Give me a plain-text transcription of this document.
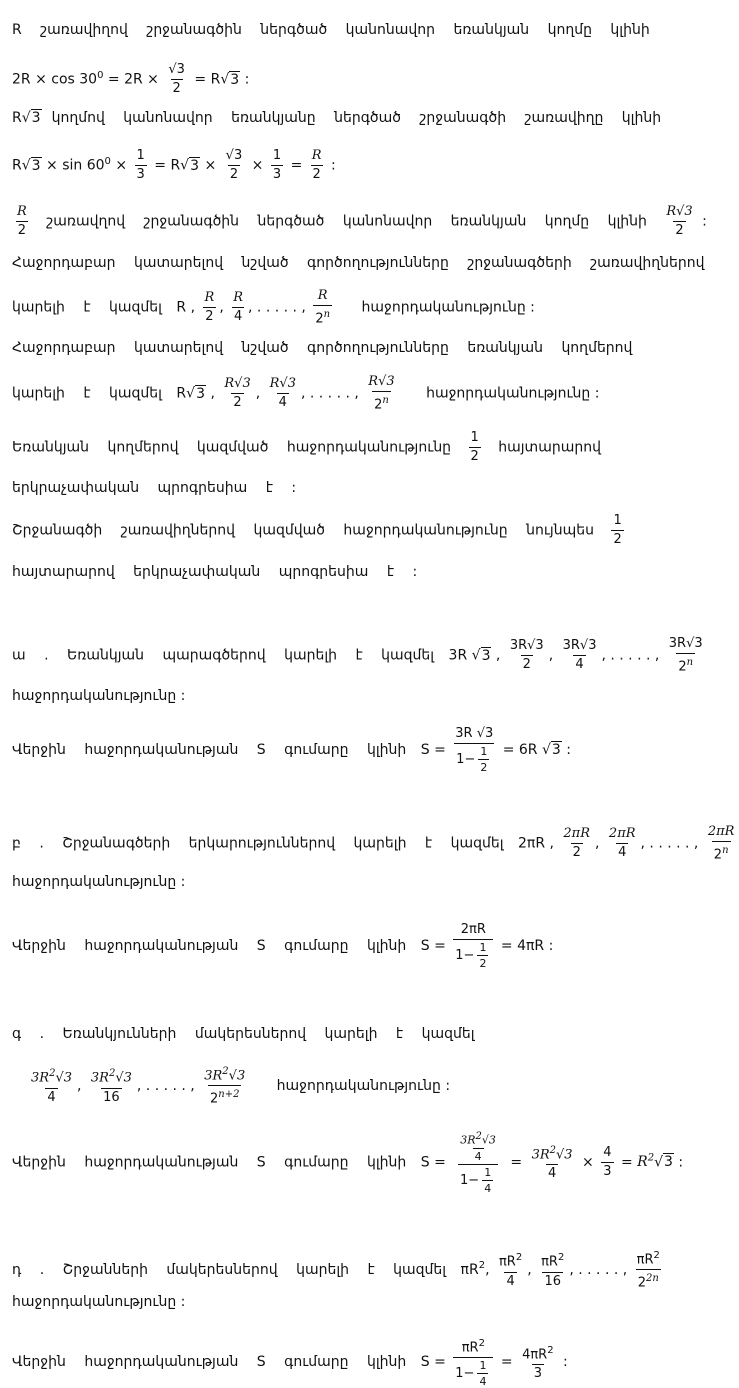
R շառավիղով շրջանագծին ներգծած կանոնավոր եռանկյան կողմը կլինի
$2R \times \cos 30^0 = 2R \times \frac{√3}{2} = R√3$ :
R√3 կողմով կանոնավոր եռանկյանը ներգծած շրջանագծի շառավիղը կլինի
$R√3 \times \sin 60^0 \times \frac{1}{3} = R√3 \times \frac{√3}{2} \times \frac{1}{3} = \frac{R}{2}$ :
$\frac{R}{2}$ շառավղով շրջանագծին ներգծած կանոնավոր եռանկյան կողմը կլինի $\frac{R√3}{2}$ :
Հաջորդաբար կատարելով նշված գործողությունները շրջանագծերի շառավիղներով
կարելի է կազմել R , $\frac{R}{2}$ , $\frac{R}{4}$ , . . . . . , $\frac{R}{2^n}$ հաջորդականությունը :
Հաջորդաբար կատարելով նշված գործողությունները եռանկյան կողմերով
կարելի է կազմել R√3 , $\frac{R√3}{2}$ , $\frac{R√3}{4}$ , . . . . . , $\frac{R√3}{2^n}$ հաջորդականությունը :
Եռանկյան կողմերով կազմված հաջորդականությունը $\frac{1}{2}$ հայտարարով
երկրաչափական պրոգրեսիա է :
Շրջանագծի շառավիղներով կազմված հաջորդականությունը նույնպես $\frac{1}{2}$
հայտարարով երկրաչափական պրոգրեսիա է :
ա . Եռանկյան պարագծերով կարելի է կազմել 3R √3 , $\frac{3R√3}{2}$ , $\frac{3R√3}{4}$ , . . . . . , $\frac{3R√3}{2^n}$
հաջորդականությունը :
Վերջին հաջորդականության S գումարը կլինի $S = \frac{3R √3}{1- \frac{1}{2}} = 6R$ √3 :
բ . Շրջանագծերի երկարություններով կարելի է կազմել 2πR , $\frac{2\pi R}{2}$ , $\frac{2\pi R}{4}$ , . . . . . , $\frac{2\pi R}{2^n}$
հաջորդականությունը :
Վերջին հաջորդականության S գումարը կլինի $S = \frac{2\pi R}{1- \frac{1}{2}} = 4\pi R$ :
գ . Եռանկյունների մակերեսներով կարելի է կազմել
$\frac{3R^2√3}{4}$ , $\frac{3R^2√3}{16}$ , . . . . . , $\frac{3R^2√3}{2^{n+2}}$ հաջորդականությունը :
Վերջին հաջորդականության S գումարը կլինի $S = \frac{\frac{3R^2√3}{4}}{1- \frac{1}{4}} = \frac{3R^2√3}{4} \times \frac{4}{3} = R^2√3$ :
դ . Շրջանների մակերեսներով կարելի է կազմել $\pi R^2$, $\frac{\pi R^2}{4}$ , $\frac{\pi R^2}{16}$ , . . . . . , $\frac{\pi R^2}{2^{2n}}$
հաջորդականությունը :
Վերջին հաջորդականության S գումարը կլինի $S = \frac{\pi R^2}{1- \frac{1}{4}} = \frac{4\pi R^2}{3}$ :
